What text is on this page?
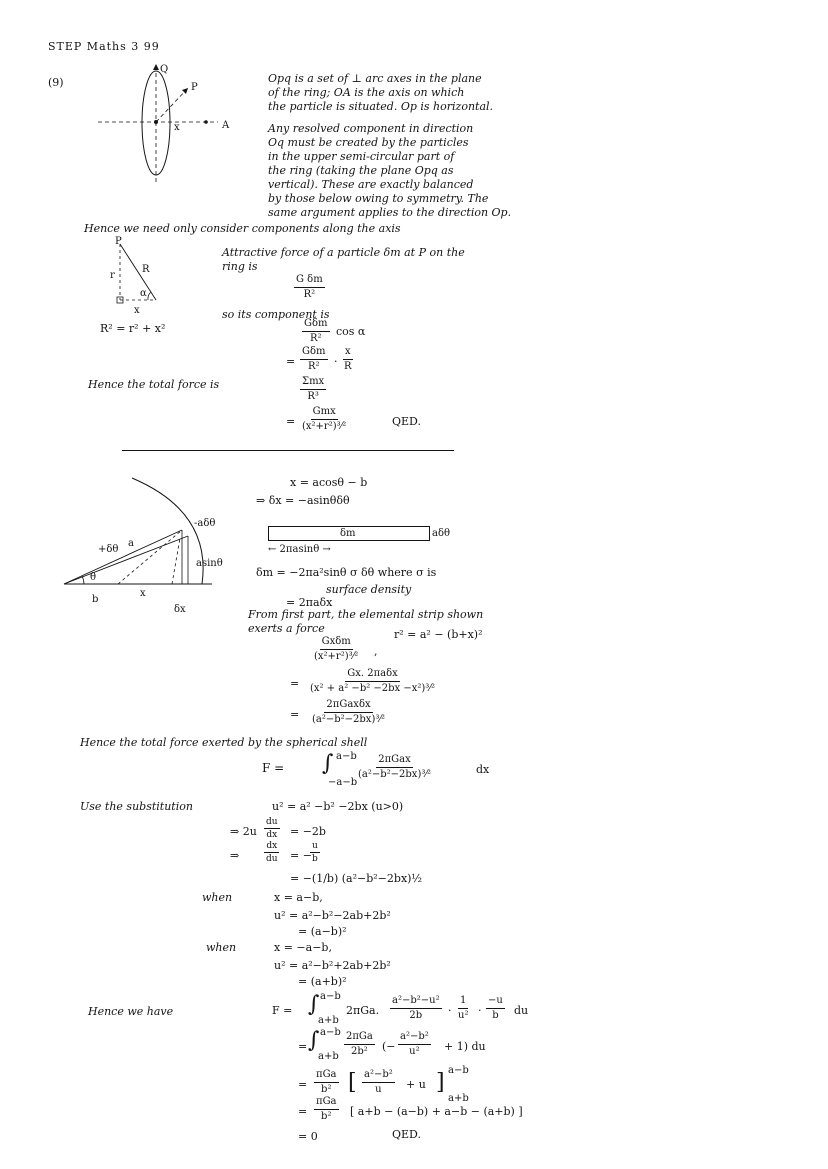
STEP Maths 3 99
(9)
Q
P
A
x
Opq is a set of ⊥ arc axes in the plane
of the ring; OA is the axis on which
the particle is situated. Op is horizontal.
Any resolved component in direction
Oq must be created by the particles
in the upper semi-circular part of
the ring (taking the plane Opq as
vertical). These are exactly balanced
by those below owing to symmetry. The
same argument applies to the direction Op.
Hence we need only consider components along the axis
P
r
R
α
x
R² = r² + x²
Attractive force of a particle δm at P on the
ring is
$\frac{\text{G δm}}{\text{R²}}$
so its component is
Gδm
R²
cos α
=
Gδm
$R^2 \cdot \frac{x}{R}$
Hence the total force is	Σmx
R³
=
Gmx
(x²+r²)³⁄²	QED.
-aδθ
+δθ
a
θ
asinθ
b
x
δx
x = acosθ − b
⇒ δx = −asinθδθ
δm	aδθ
← 2πasinθ →
δm = −2πa²sinθ σ δθ where σ is
surface density
= 2πaδx
From first part, the elemental strip shown
exerts a force	r² = a² − (b+x)²
Gxδm
(x²+r²)³⁄² ,
=
Gx. 2πaδx
(x² + a² −b² −2bx −x²)³⁄²
=
2πGaxδx
(a²−b²−2bx)³⁄²
Hence the total force exerted by the spherical shell
F = ∫ a−b
−a−b
2πGax
(a²−b²−2bx)³⁄²	dx
Use the substitution	u² = a² −b² −2bx (u>0)
⇒ $2u \frac{du}{dx} = -2b$
⇒	$\frac{dx}{du}$ = −
$\frac{u}{b}$
= −(1/b) (a²−b²−2bx)½
when	x = a−b,
u² = a²−b²−2ab+2b²
= (a−b)²
when	x = −a−b,
u² = a²−b²+2ab+2b²
= (a+b)²
Hence we have	F = ∫ a−b
a+b
2πGa. $\frac{\text{a²−b²−u²}}{2b} \cdot \frac{1}{\text{u²}} \cdot \frac{-u}{b}$ du
= ∫ a−b
a+b
2πGa
2b² (− $\frac{\text{a²−b²}}{\text{u²}} + 1$) du
=
πGa
b² [ $\frac{\text{a²−b²}}{u} + u$ ] a−b
a+b
=
πGa
b² [ a+b − (a−b) + a−b − (a+b) ]
= 0	QED.
